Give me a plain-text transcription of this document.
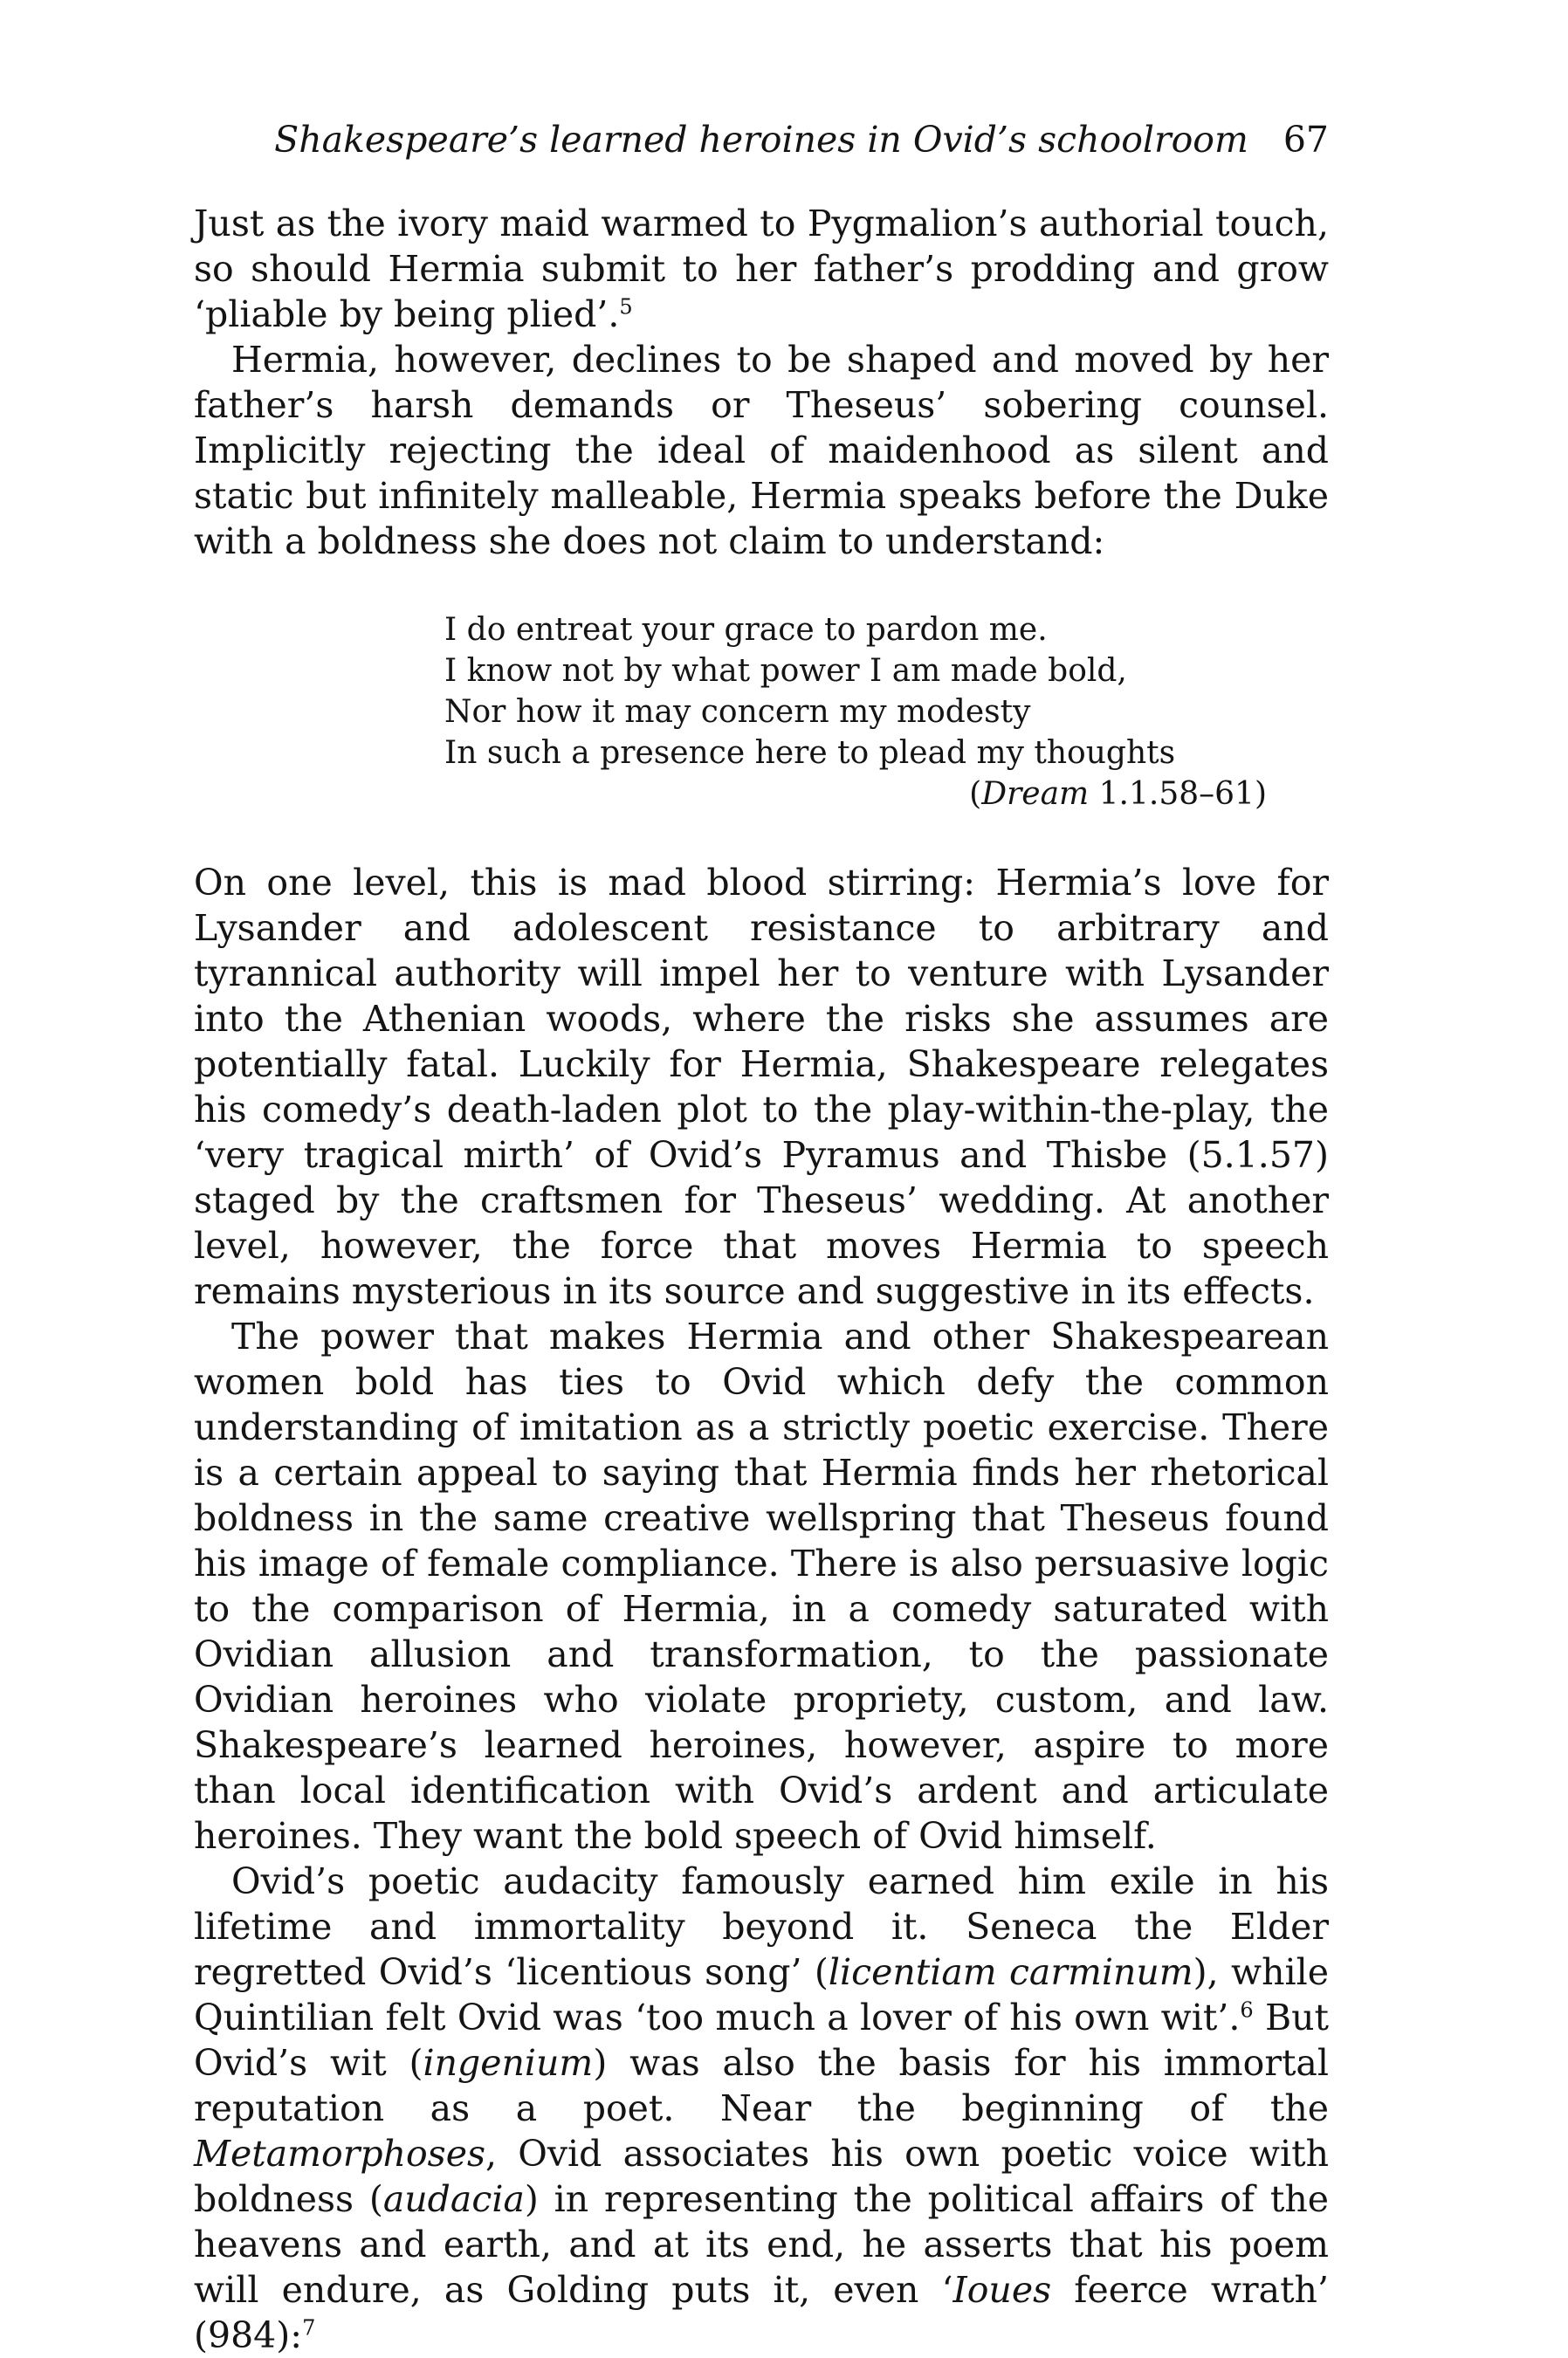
Shakespeare’s learned heroines in Ovid’s schoolroom 67

Just as the ivory maid warmed to Pygmalion’s authorial touch, so should Hermia submit to her father’s prodding and grow ‘pliable by being plied’.$^5$

Hermia, however, declines to be shaped and moved by her father’s harsh demands or Theseus’ sobering counsel. Implicitly rejecting the ideal of maidenhood as silent and static but infinitely malleable, Hermia speaks before the Duke with a boldness she does not claim to understand:

I do entreat your grace to pardon me.

I know not by what power I am made bold,

Nor how it may concern my modesty

In such a presence here to plead my thoughts

(Dream 1.1.58–61)

On one level, this is mad blood stirring: Hermia’s love for Lysander and adolescent resistance to arbitrary and tyrannical authority will impel her to venture with Lysander into the Athenian woods, where the risks she assumes are potentially fatal. Luckily for Hermia, Shakespeare relegates his comedy’s death-laden plot to the play-within-the-play, the ‘very tragical mirth’ of Ovid’s Pyramus and Thisbe (5.1.57) staged by the craftsmen for Theseus’ wedding. At another level, however, the force that moves Hermia to speech remains mysterious in its source and suggestive in its effects.

The power that makes Hermia and other Shakespearean women bold has ties to Ovid which defy the common understanding of imitation as a strictly poetic exercise. There is a certain appeal to saying that Hermia finds her rhetorical boldness in the same creative wellspring that Theseus found his image of female compliance. There is also persuasive logic to the comparison of Hermia, in a comedy saturated with Ovidian allusion and transformation, to the passionate Ovidian heroines who violate propriety, custom, and law. Shakespeare’s learned heroines, however, aspire to more than local identification with Ovid’s ardent and articulate heroines. They want the bold speech of Ovid himself.

Ovid’s poetic audacity famously earned him exile in his lifetime and immortality beyond it. Seneca the Elder regretted Ovid’s ‘licentious song’ (licentiam carminum), while Quintilian felt Ovid was ‘too much a lover of his own wit’.$^6$ But Ovid’s wit (ingenium) was also the basis for his immortal reputation as a poet. Near the beginning of the Metamorphoses, Ovid associates his own poetic voice with boldness (audacia) in representing the political affairs of the heavens and earth, and at its end, he asserts that his poem will endure, as Golding puts it, even ‘Ioues fеerce wrath’ (984):$^7$
